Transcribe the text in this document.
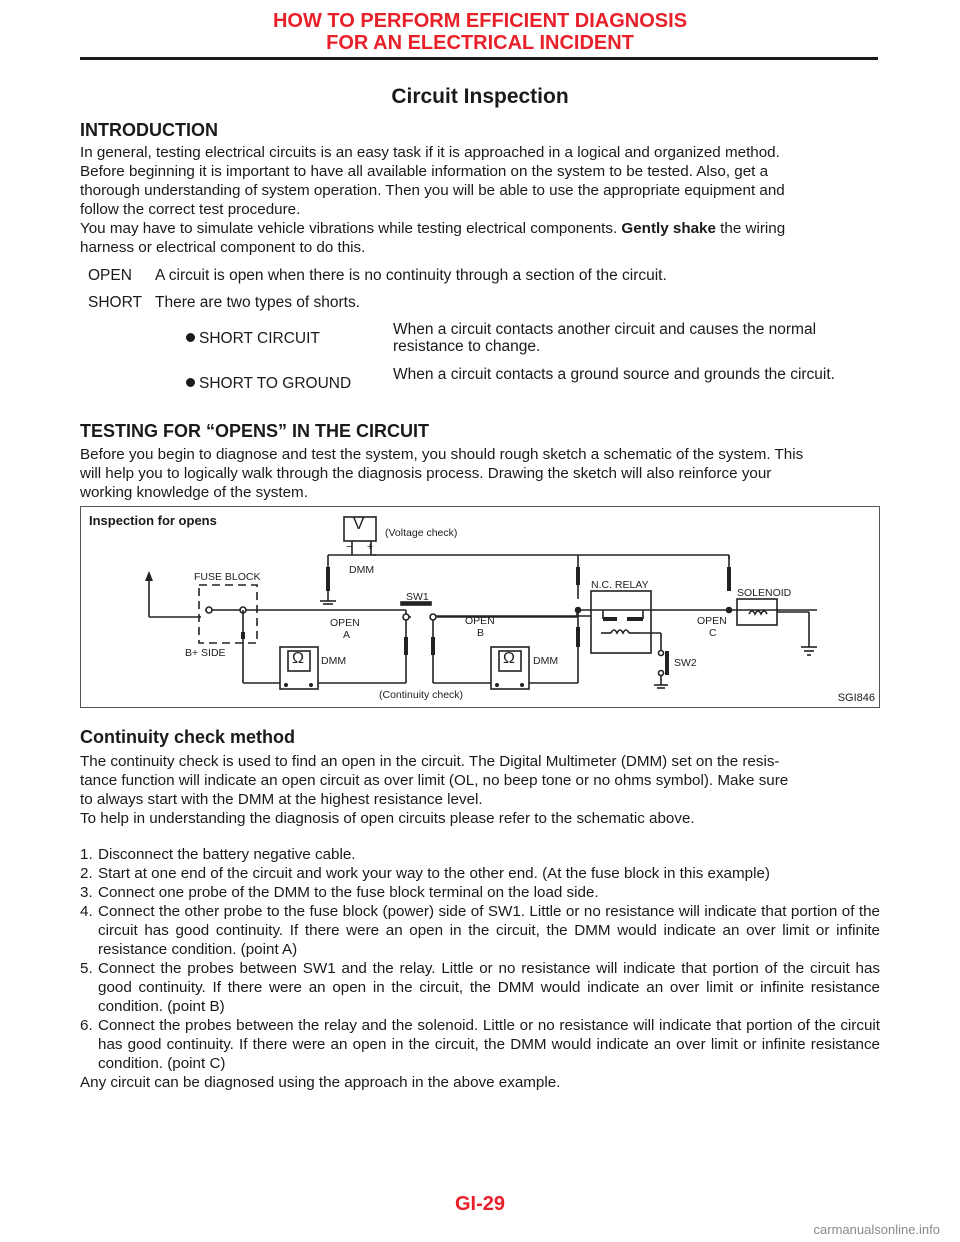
HOW TO PERFORM EFFICIENT DIAGNOSIS
FOR AN ELECTRICAL INCIDENT
Circuit Inspection
INTRODUCTION
In general, testing electrical circuits is an easy task if it is approached in a logical and organized method.
Before beginning it is important to have all available information on the system to be tested. Also, get a
thorough understanding of system operation. Then you will be able to use the appropriate equipment and
follow the correct test procedure.
You may have to simulate vehicle vibrations while testing electrical components. Gently shake the wiring
harness or electrical component to do this.
OPEN A circuit is open when there is no continuity through a section of the circuit.
SHORT There are two types of shorts.
SHORT CIRCUIT
When a circuit contacts another circuit and causes the normal resistance to change.
SHORT TO GROUND
When a circuit contacts a ground source and grounds the circuit.
TESTING FOR “OPENS” IN THE CIRCUIT
Before you begin to diagnose and test the system, you should rough sketch a schematic of the system. This
will help you to logically walk through the diagnosis process. Drawing the sketch will also reinforce your
working knowledge of the system.
Inspection for opens	V (Voltage check)
− +
DMM
FUSE BLOCK
B+ SIDE
OPEN
A
SW1
OPEN
B
N.C. RELAY
OPEN
C
SOLENOID
SW2
Ω	Ω
DMM	DMM
(Continuity check)	SGI846
Continuity check method
The continuity check is used to find an open in the circuit. The Digital Multimeter (DMM) set on the resis-
tance function will indicate an open circuit as over limit (OL, no beep tone or no ohms symbol). Make sure
to always start with the DMM at the highest resistance level.
To help in understanding the diagnosis of open circuits please refer to the schematic above.
1. Disconnect the battery negative cable.
2. Start at one end of the circuit and work your way to the other end. (At the fuse block in this example)
3. Connect one probe of the DMM to the fuse block terminal on the load side.
4. Connect the other probe to the fuse block (power) side of SW1. Little or no resistance will indicate that portion of the circuit has good continuity. If there were an open in the circuit, the DMM would indicate an over limit or infinite resistance condition. (point A)
5. Connect the probes between SW1 and the relay. Little or no resistance will indicate that portion of the circuit has good continuity. If there were an open in the circuit, the DMM would indicate an over limit or infinite resistance condition. (point B)
6. Connect the probes between the relay and the solenoid. Little or no resistance will indicate that portion of the circuit has good continuity. If there were an open in the circuit, the DMM would indicate an over limit or infinite resistance condition. (point C)
Any circuit can be diagnosed using the approach in the above example.
GI-29
carmanualsonline.info
